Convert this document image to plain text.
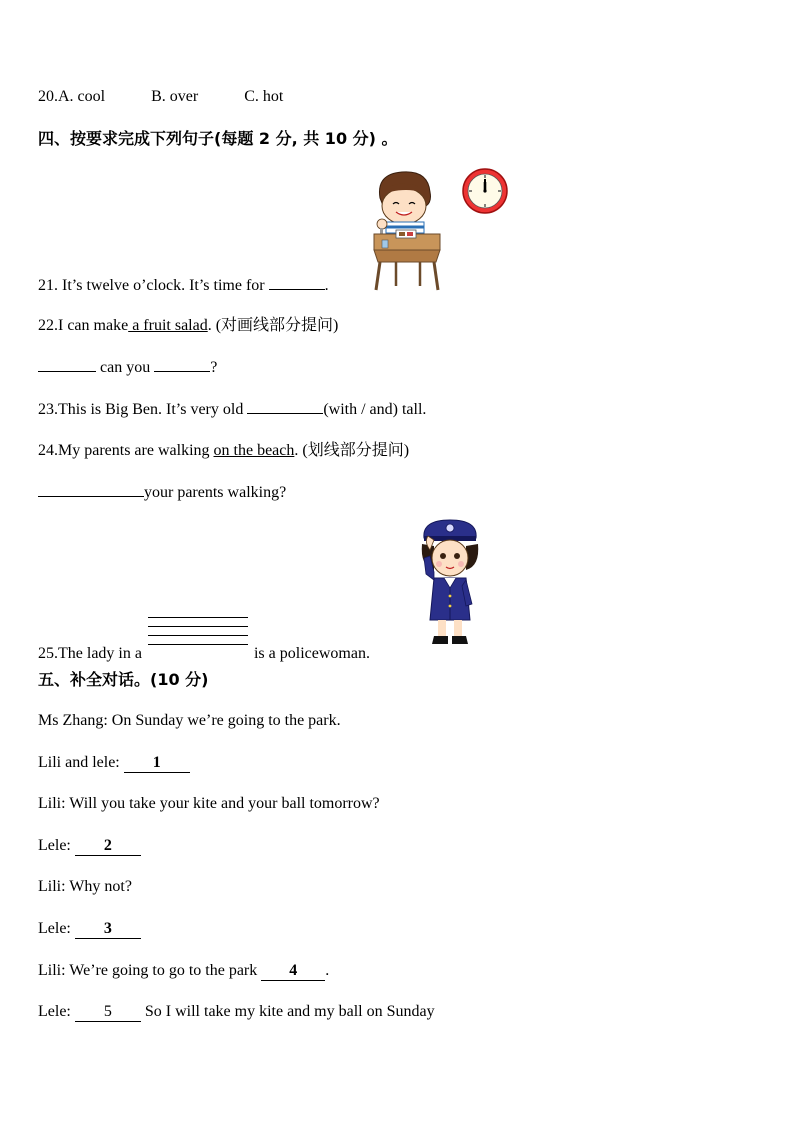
20.A. cool	B. over	C. hot
四、按要求完成下列句子(每题 2 分, 共 10 分) 。
21. It’s twelve o’clock. It’s time for	.
22.I can make a fruit salad. (对画线部分提问)
can you	?
23.This is Big Ben. It’s very old	(with / and) tall.
24.My parents are walking on the beach. (划线部分提问)
your parents walking?
25.The lady in a	is a policewoman.
五、补全对话。(10 分)
Ms Zhang: On Sunday we’re going to the park.
Lili and lele: 1
Lili: Will you take your kite and your ball tomorrow?
Lele: 2
Lili: Why not?
Lele: 3
Lili: We’re going to go to the park 4 .
Lele: 5 So I will take my kite and my ball on Sunday
